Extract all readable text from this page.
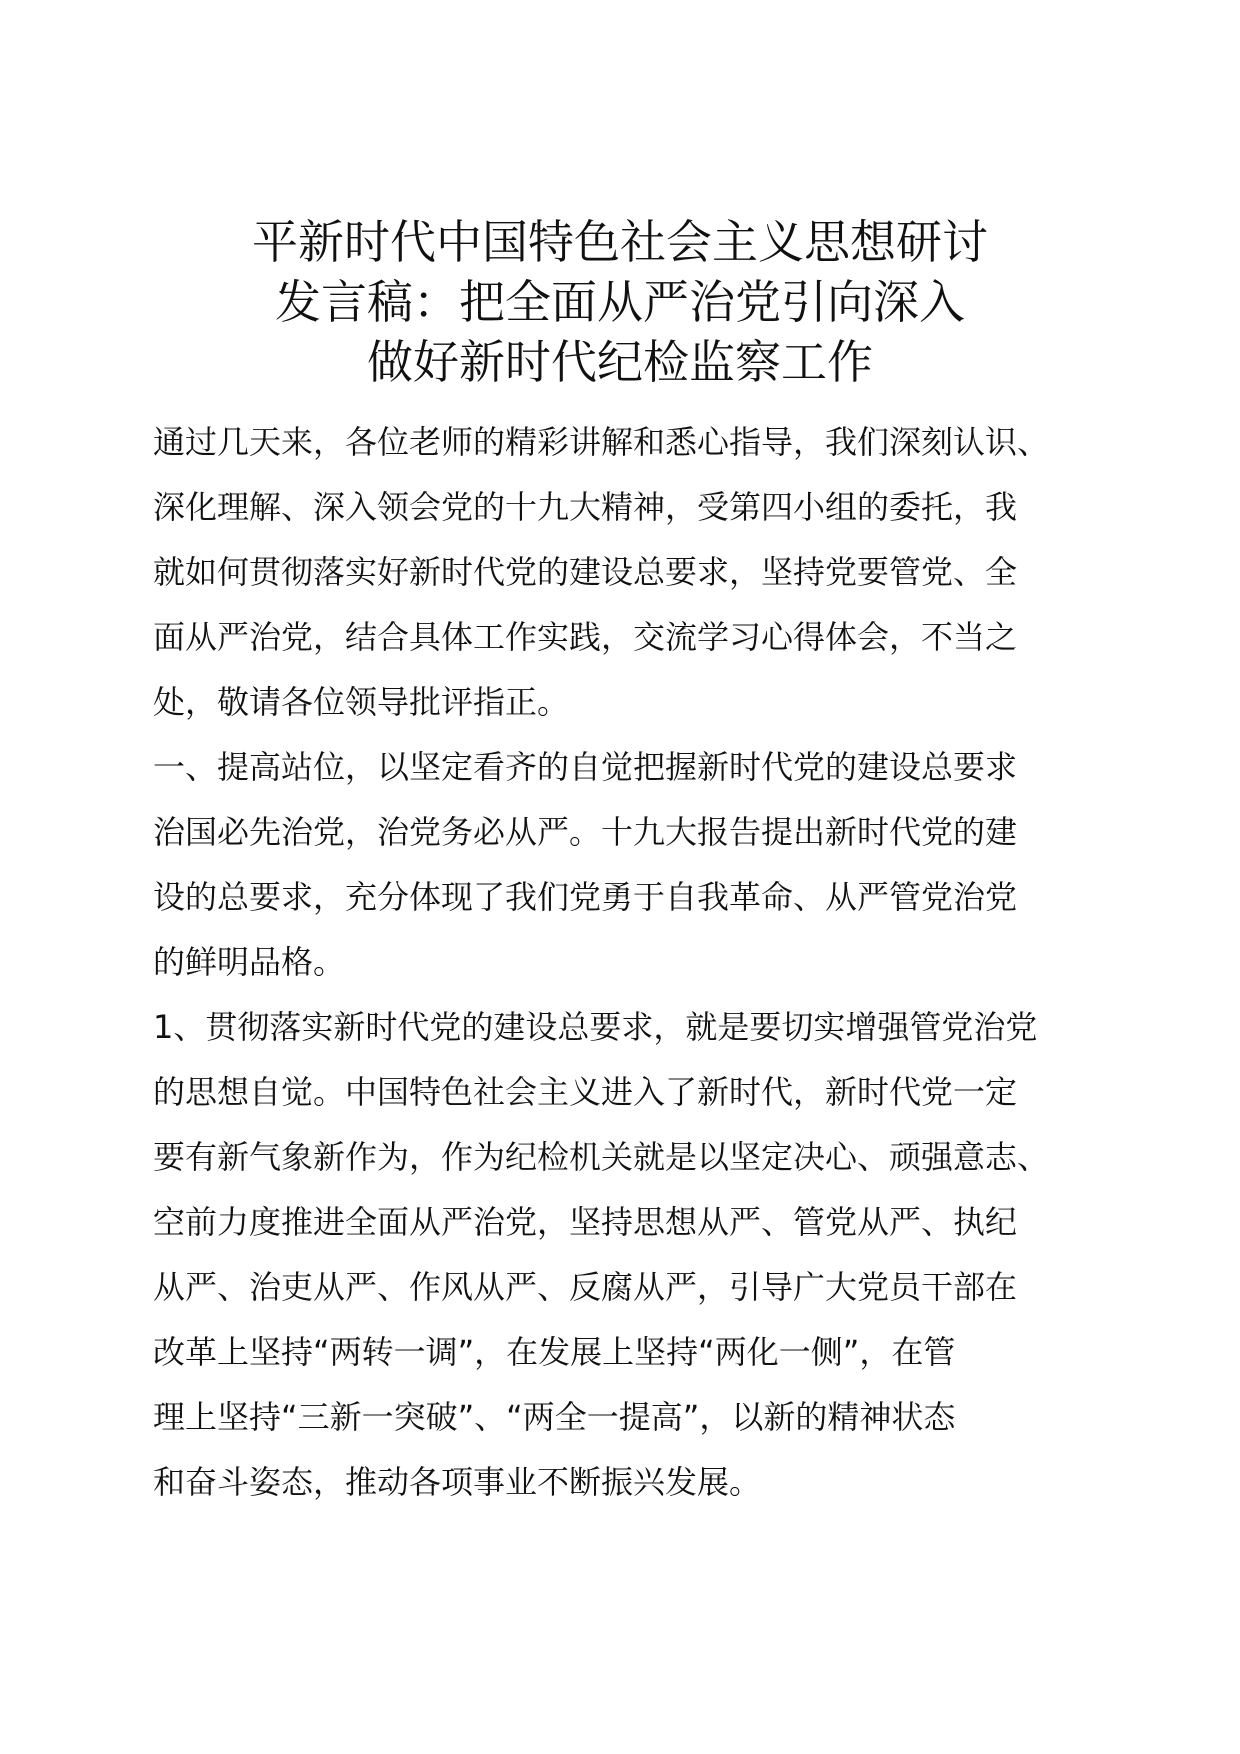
平新时代中国特色社会主义思想研讨
发言稿：把全面从严治党引向深入
做好新时代纪检监察工作
通过几天来，各位老师的精彩讲解和悉心指导，我们深刻认识、
深化理解、深入领会党的十九大精神，受第四小组的委托，我
就如何贯彻落实好新时代党的建设总要求，坚持党要管党、全
面从严治党，结合具体工作实践，交流学习心得体会，不当之
处，敬请各位领导批评指正。
一、提高站位，以坚定看齐的自觉把握新时代党的建设总要求
治国必先治党，治党务必从严。十九大报告提出新时代党的建
设的总要求，充分体现了我们党勇于自我革命、从严管党治党
的鲜明品格。
1、贯彻落实新时代党的建设总要求，就是要切实增强管党治党
的思想自觉。中国特色社会主义进入了新时代，新时代党一定
要有新气象新作为，作为纪检机关就是以坚定决心、顽强意志、
空前力度推进全面从严治党，坚持思想从严、管党从严、执纪
从严、治吏从严、作风从严、反腐从严，引导广大党员干部在
改革上坚持“两转一调”，在发展上坚持“两化一侧”，在管
理上坚持“三新一突破”、“两全一提高”，以新的精神状态
和奋斗姿态，推动各项事业不断振兴发展。
